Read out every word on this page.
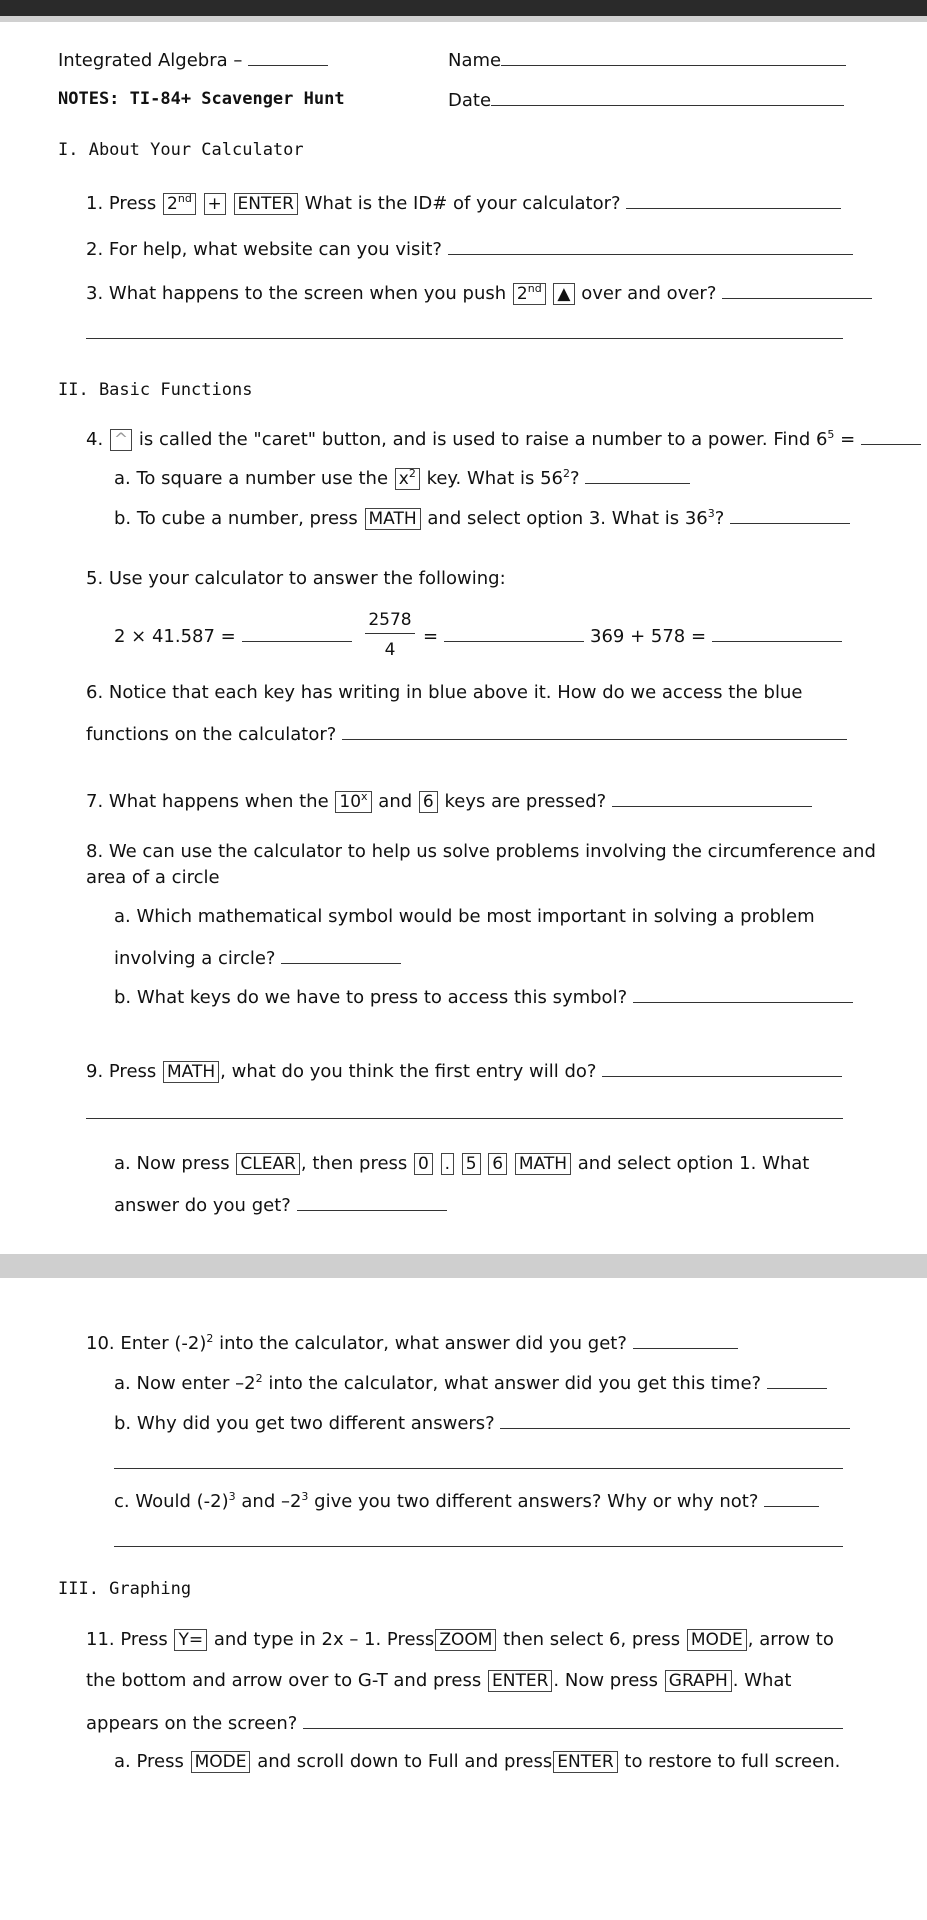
Integrated Algebra –	Name
NOTES: TI-84+ Scavenger Hunt	Date
I. About Your Calculator
1. Press 2nd + ENTER What is the ID# of your calculator?
2. For help, what website can you visit?
3. What happens to the screen when you push 2nd ▲ over and over?
II. Basic Functions
4. ^ is called the "caret" button, and is used to raise a number to a power. Find $6^5$ =
a. To square a number use the $x^2$ key. What is $56^2$?
b. To cube a number, press MATH and select option 3. What is $36^3$?
5. Use your calculator to answer the following:
2 × 41.587 =	$\frac{2578}{4}$ =	369 + 578 =
6. Notice that each key has writing in blue above it. How do we access the blue
functions on the calculator?
7. What happens when the 10$^x$ and 6 keys are pressed?
8. We can use the calculator to help us solve problems involving the circumference and
area of a circle
a. Which mathematical symbol would be most important in solving a problem
involving a circle?
b. What keys do we have to press to access this symbol?
9. Press MATH , what do you think the first entry will do?
a. Now press CLEAR , then press 0 . 5 6 MATH and select option 1. What
answer do you get?
10. Enter $(-2)^2$ into the calculator, what answer did you get?
a. Now enter $-2^2$ into the calculator, what answer did you get this time?
b. Why did you get two different answers?
c. Would $(-2)^3$ and $-2^3$ give you two different answers? Why or why not?
III. Graphing
11. Press Y= and type in 2x – 1. Press ZOOM then select 6, press MODE , arrow to
the bottom and arrow over to G-T and press ENTER . Now press GRAPH . What
appears on the screen?
a. Press MODE and scroll down to Full and press ENTER to restore to full screen.
